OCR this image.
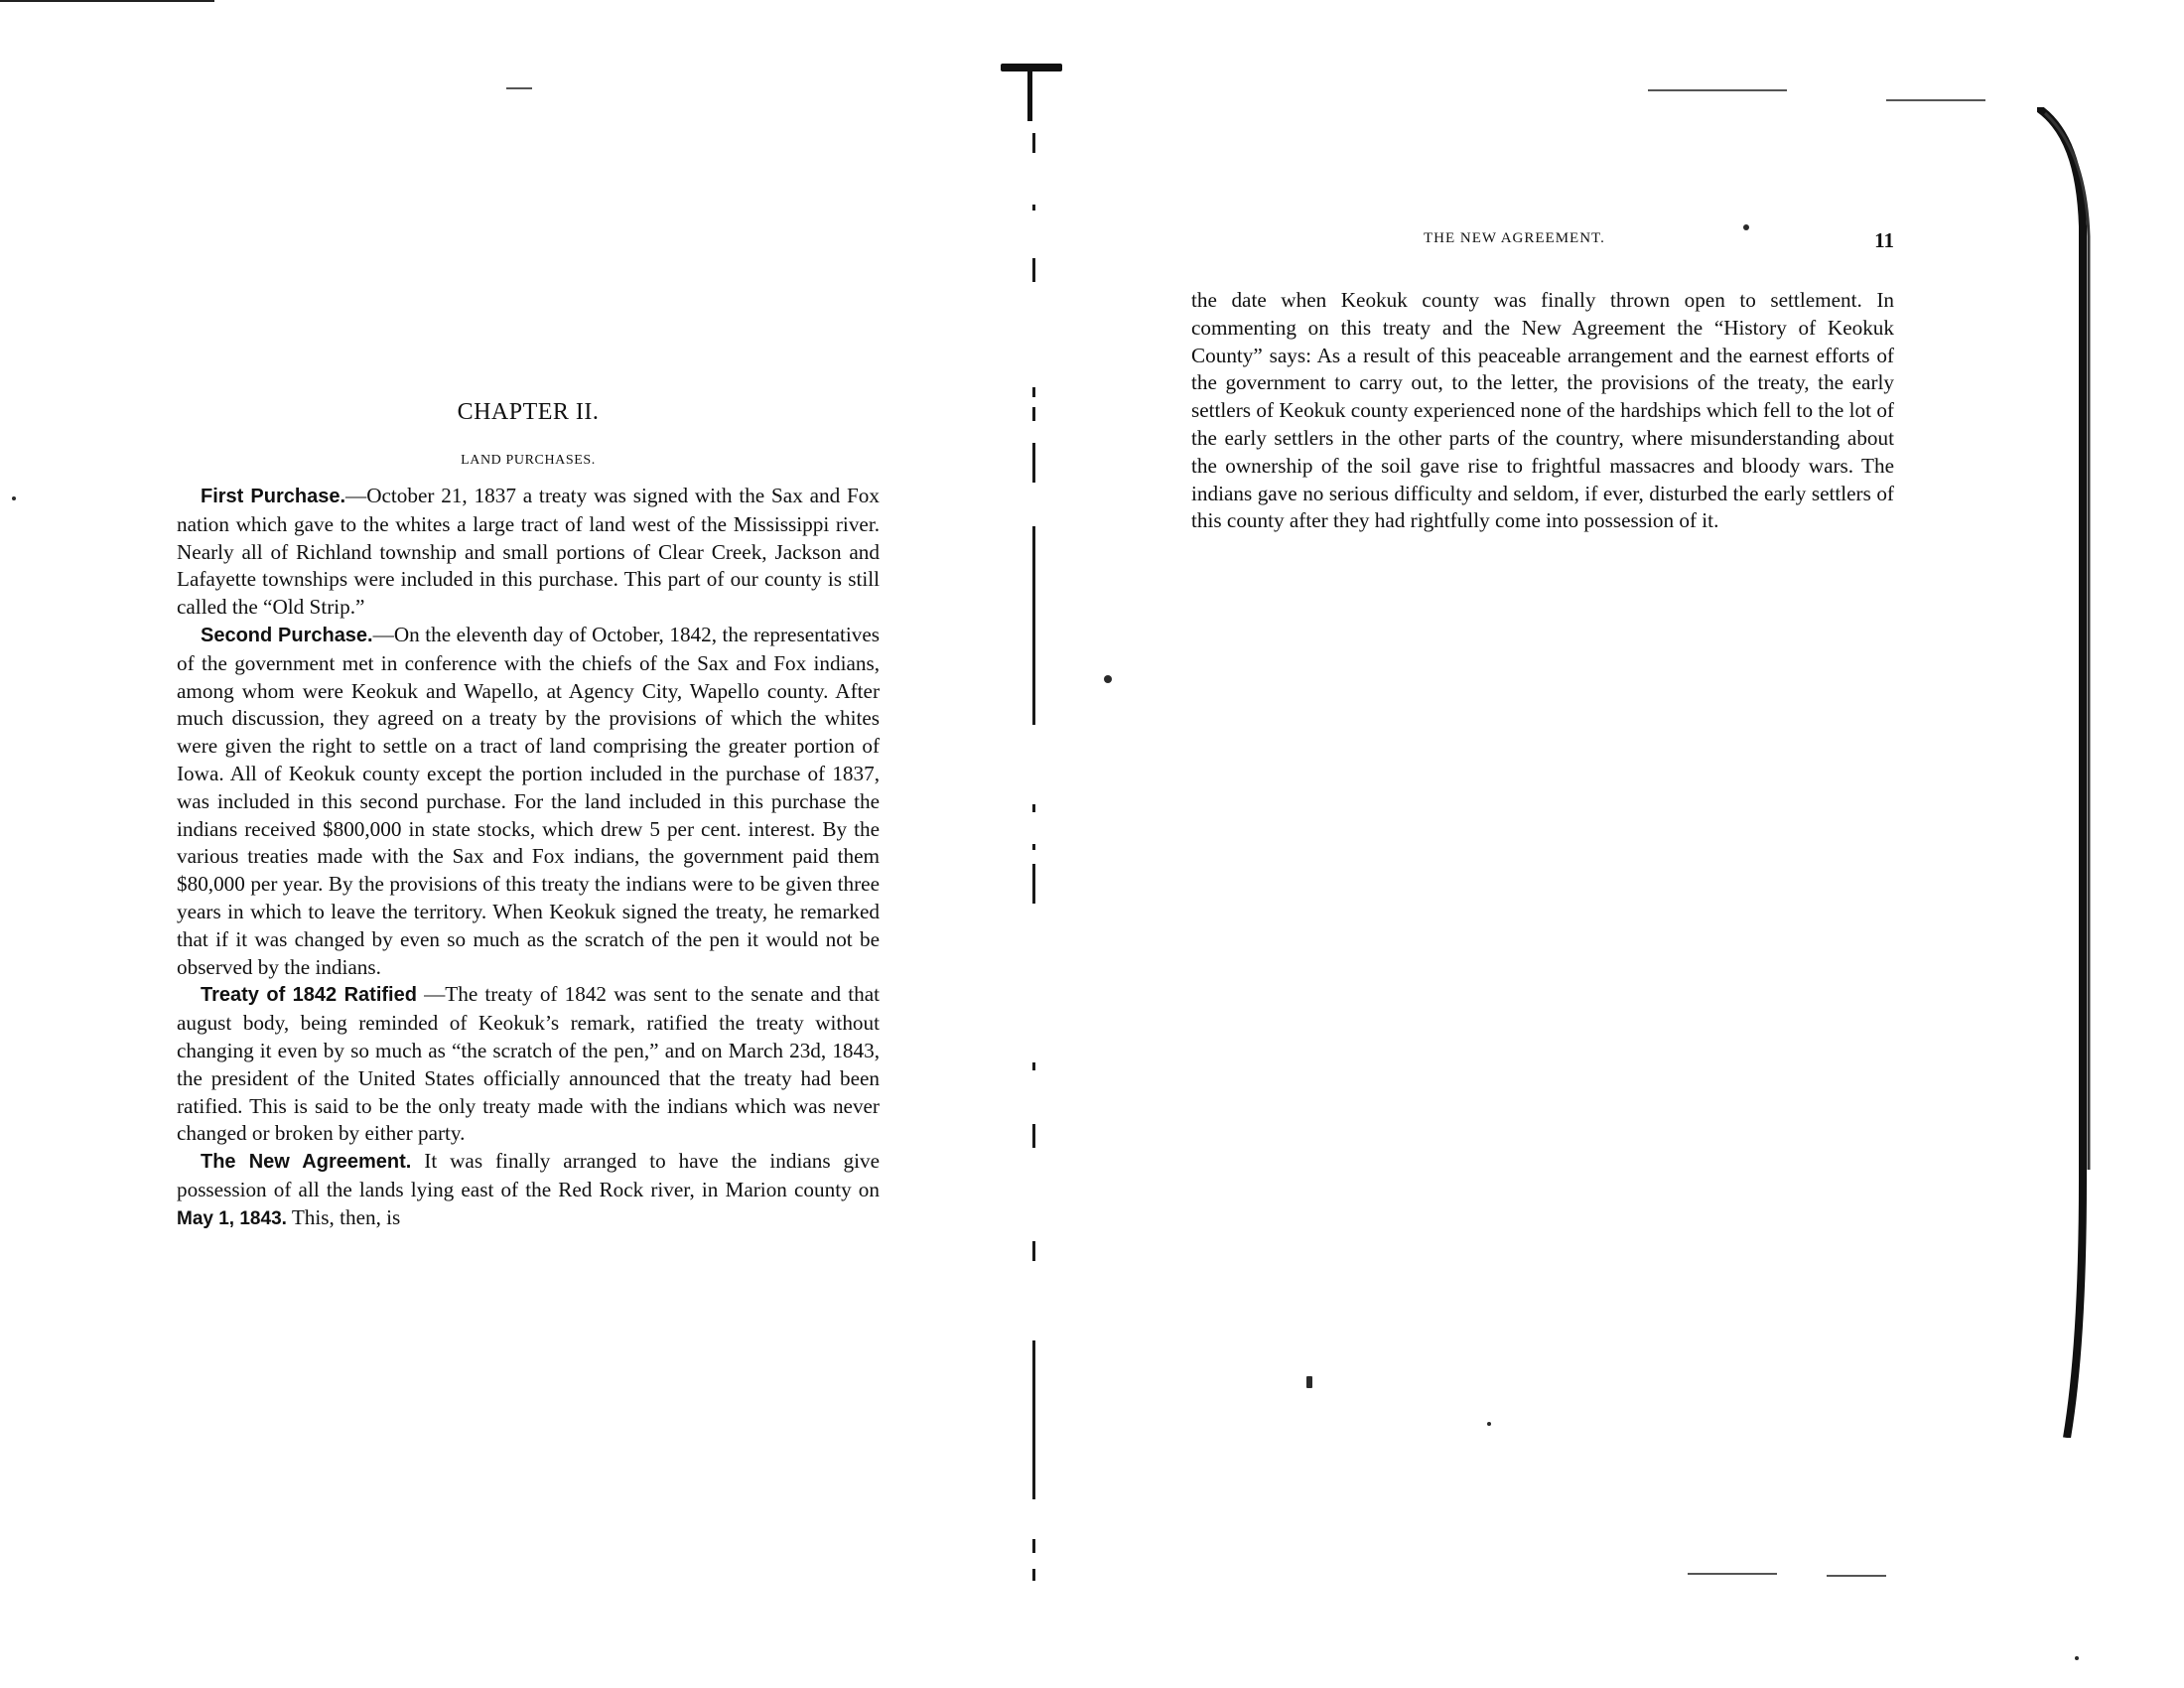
CHAPTER II.
LAND PURCHASES.

First Purchase.—October 21, 1837 a treaty was signed with the Sax and Fox nation which gave to the whites a large tract of land west of the Mississippi river. Nearly all of Richland township and small portions of Clear Creek, Jackson and Lafayette townships were included in this purchase. This part of our county is still called the “Old Strip.”

Second Purchase.—On the eleventh day of October, 1842, the representatives of the government met in conference with the chiefs of the Sax and Fox indians, among whom were Keokuk and Wapello, at Agency City, Wapello county. After much discussion, they agreed on a treaty by the provisions of which the whites were given the right to settle on a tract of land comprising the greater portion of Iowa. All of Keokuk county except the portion included in the purchase of 1837, was included in this second purchase. For the land included in this purchase the indians received $800,000 in state stocks, which drew 5 per cent. interest. By the various treaties made with the Sax and Fox indians, the government paid them $80,000 per year. By the provisions of this treaty the indians were to be given three years in which to leave the territory. When Keokuk signed the treaty, he remarked that if it was changed by even so much as the scratch of the pen it would not be observed by the indians.

Treaty of 1842 Ratified —The treaty of 1842 was sent to the senate and that august body, being reminded of Keokuk’s remark, ratified the treaty without changing it even by so much as “the scratch of the pen,” and on March 23d, 1843, the president of the United States officially announced that the treaty had been ratified. This is said to be the only treaty made with the indians which was never changed or broken by either party.

The New Agreement. It was finally arranged to have the indians give possession of all the lands lying east of the Red Rock river, in Marion county on May 1, 1843. This, then, is

THE NEW AGREEMENT.	11

the date when Keokuk county was finally thrown open to settlement. In commenting on this treaty and the New Agreement the “History of Keokuk County” says: As a result of this peaceable arrangement and the earnest efforts of the government to carry out, to the letter, the provisions of the treaty, the early settlers of Keokuk county experienced none of the hardships which fell to the lot of the early settlers in the other parts of the country, where misunderstanding about the ownership of the soil gave rise to frightful massacres and bloody wars. The indians gave no serious difficulty and seldom, if ever, disturbed the early settlers of this county after they had rightfully come into possession of it.
